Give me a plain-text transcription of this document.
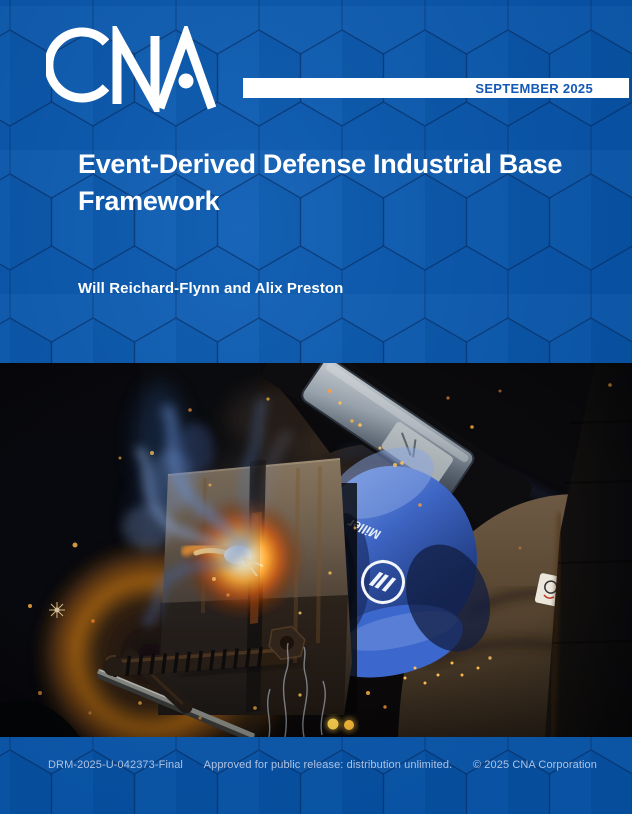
SEPTEMBER 2025
Event-Derived Defense Industrial Base Framework
Will Reichard-Flynn and Alix Preston
DRM-2025-U-042373-Final Approved for public release: distribution unlimited. © 2025 CNA Corporation
